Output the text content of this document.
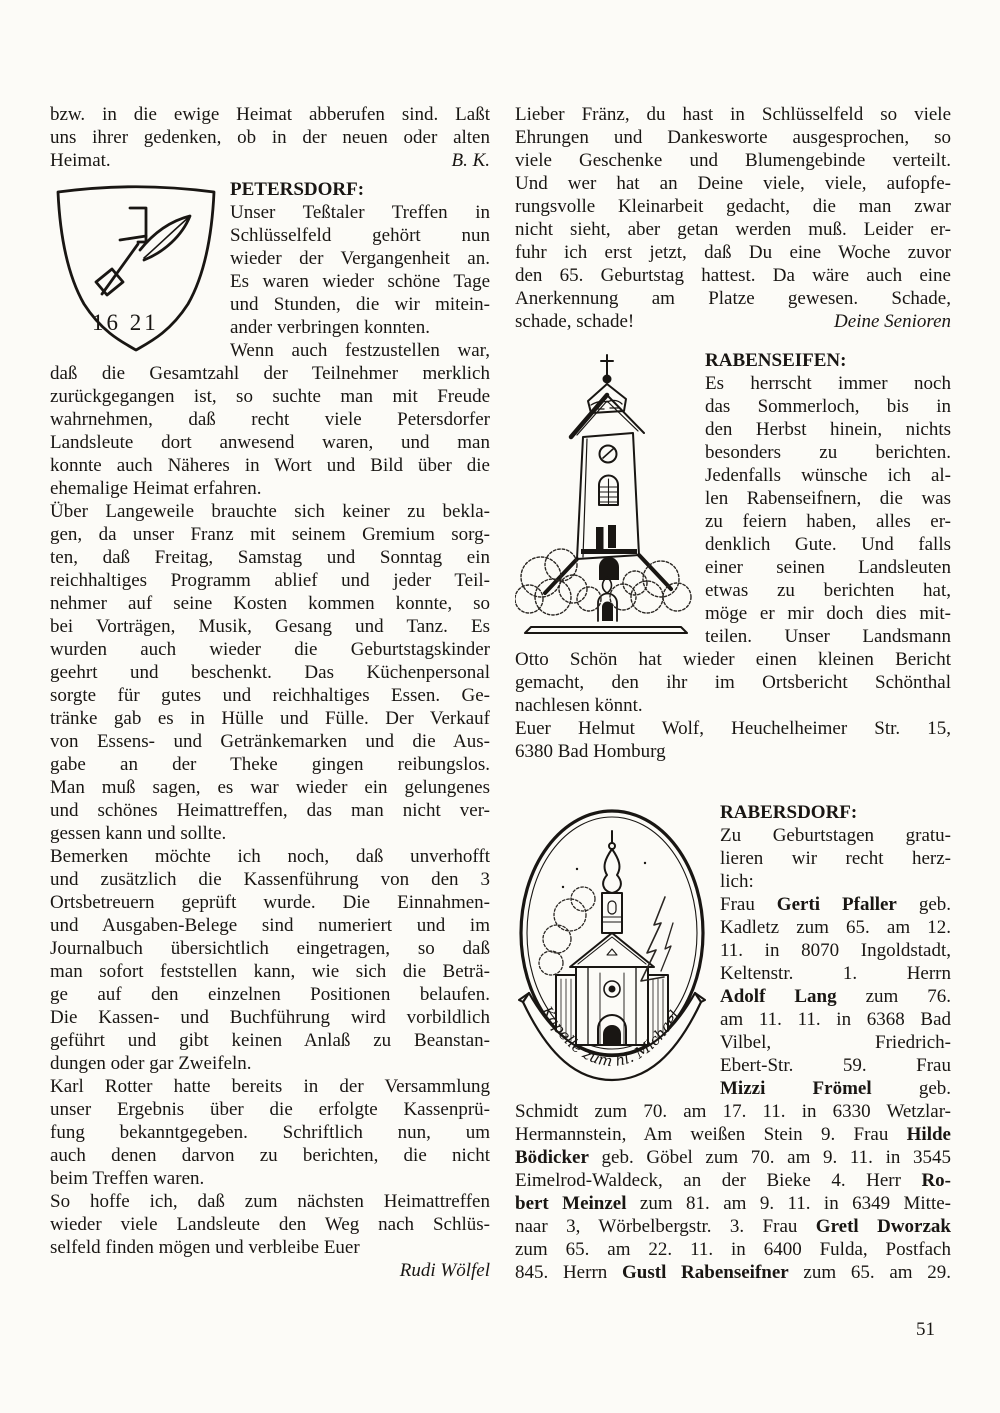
bzw. in die ewige Heimat abberufen sind. Laßt
uns ihrer gedenken, ob in der neuen oder alten
B. K.
Heimat.
16 21
PETERSDORF:
Unser Teßtaler Treffen in
Schlüsselfeld gehört nun
wieder der Vergangenheit an.
Es waren wieder schöne Tage
und Stunden, die wir mitein-
ander verbringen konnten.
Wenn auch festzustellen war,
daß die Gesamtzahl der Teilnehmer merklich
zurückgegangen ist, so suchte man mit Freude
wahrnehmen, daß recht viele Petersdorfer
Landsleute dort anwesend waren, und man
konnte auch Näheres in Wort und Bild über die
ehemalige Heimat erfahren.
Über Langeweile brauchte sich keiner zu bekla-
gen, da unser Franz mit seinem Gremium sorg-
ten, daß Freitag, Samstag und Sonntag ein
reichhaltiges Programm ablief und jeder Teil-
nehmer auf seine Kosten kommen konnte, so
bei Vorträgen, Musik, Gesang und Tanz. Es
wurden auch wieder die Geburtstagskinder
geehrt und beschenkt. Das Küchenpersonal
sorgte für gutes und reichhaltiges Essen. Ge-
tränke gab es in Hülle und Fülle. Der Verkauf
von Essens- und Getränkemarken und die Aus-
gabe an der Theke gingen reibungslos.
Man muß sagen, es war wieder ein gelungenes
und schönes Heimattreffen, das man nicht ver-
gessen kann und sollte.
Bemerken möchte ich noch, daß unverhofft
und zusätzlich die Kassenführung von den 3
Ortsbetreuern geprüft wurde. Die Einnahmen-
und Ausgaben-Belege sind numeriert und im
Journalbuch übersichtlich eingetragen, so daß
man sofort feststellen kann, wie sich die Beträ-
ge auf den einzelnen Positionen belaufen.
Die Kassen- und Buchführung wird vorbildlich
geführt und gibt keinen Anlaß zu Beanstan-
dungen oder gar Zweifeln.
Karl Rotter hatte bereits in der Versammlung
unser Ergebnis über die erfolgte Kassenprü-
fung bekanntgegeben. Schriftlich nun, um
auch denen darvon zu berichten, die nicht
beim Treffen waren.
So hoffe ich, daß zum nächsten Heimattreffen
wieder viele Landsleute den Weg nach Schlüs-
selfeld finden mögen und verbleibe Euer
Rudi Wölfel
Lieber Fränz, du hast in Schlüsselfeld so viele
Ehrungen und Dankesworte ausgesprochen, so
viele Geschenke und Blumengebinde verteilt.
Und wer hat an Deine viele, viele, aufopfe-
rungsvolle Kleinarbeit gedacht, die man zwar
nicht sieht, aber getan werden muß. Leider er-
fuhr ich erst jetzt, daß Du eine Woche zuvor
den 65. Geburtstag hattest. Da wäre auch eine
Anerkennung am Platze gewesen. Schade,
Deine Senioren
schade, schade!
RABENSEIFEN:
Es herrscht immer noch
das Sommerloch, bis in
den Herbst hinein, nichts
besonders zu berichten.
Jedenfalls wünsche ich al-
len Rabenseifnern, die was
zu feiern haben, alles er-
denklich Gute. Und falls
einer seinen Landsleuten
etwas zu berichten hat,
möge er mir doch dies mit-
teilen. Unser Landsmann
Otto Schön hat wieder einen kleinen Bericht
gemacht, den ihr im Ortsbericht Schönthal
nachlesen könnt.
Euer Helmut Wolf, Heuchelheimer Str. 15,
6380 Bad Homburg
Kapelle zum hl. Michael
RABERSDORF:
Zu Geburtstagen gratu-
lieren wir recht herz-
lich:
Frau Gerti Pfaller geb.
Kadletz zum 65. am 12.
11. in 8070 Ingoldstadt,
Keltenstr. 1. Herrn
Adolf Lang zum 76.
am 11. 11. in 6368 Bad
Vilbel, Friedrich-
Ebert-Str. 59. Frau
Mizzi Frömel geb.
Schmidt zum 70. am 17. 11. in 6330 Wetzlar-
Hermannstein, Am weißen Stein 9. Frau Hilde
Bödicker geb. Göbel zum 70. am 9. 11. in 3545
Eimelrod-Waldeck, an der Bieke 4. Herr Ro-
bert Meinzel zum 81. am 9. 11. in 6349 Mitte-
naar 3, Wörbelbergstr. 3. Frau Gretl Dworzak
zum 65. am 22. 11. in 6400 Fulda, Postfach
845. Herrn Gustl Rabenseifner zum 65. am 29.
51
